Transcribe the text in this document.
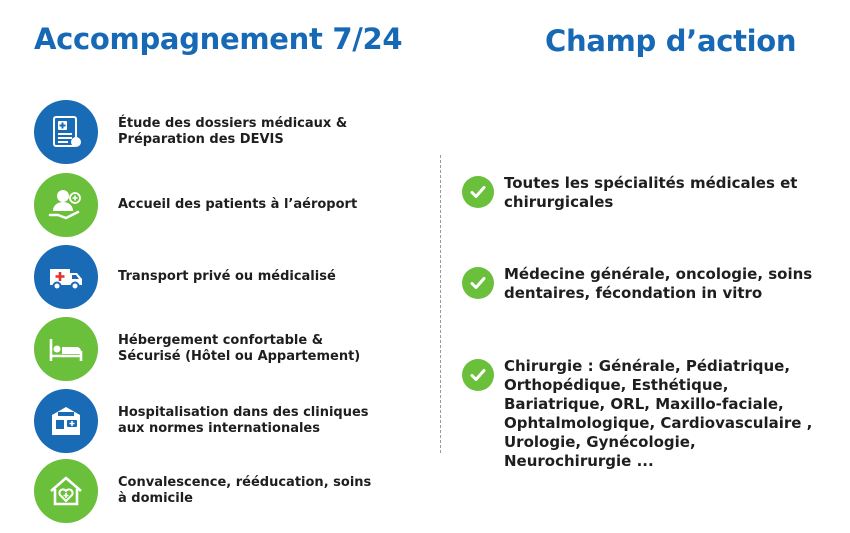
Accompagnement 7/24	Champ d’action
Étude des dossiers médicaux &
Préparation des DEVIS
Accueil des patients à l’aéroport
Transport privé ou médicalisé
Hébergement confortable &
Sécurisé (Hôtel ou Appartement)
Hospitalisation dans des cliniques
aux normes internationales
Convalescence, rééducation, soins
à domicile
Toutes les spécialités médicales et
chirurgicales
Médecine générale, oncologie, soins
dentaires, fécondation in vitro
Chirurgie : Générale, Pédiatrique,
Orthopédique, Esthétique,
Bariatrique, ORL, Maxillo-faciale,
Ophtalmologique, Cardiovasculaire ,
Urologie, Gynécologie,
Neurochirurgie ...
